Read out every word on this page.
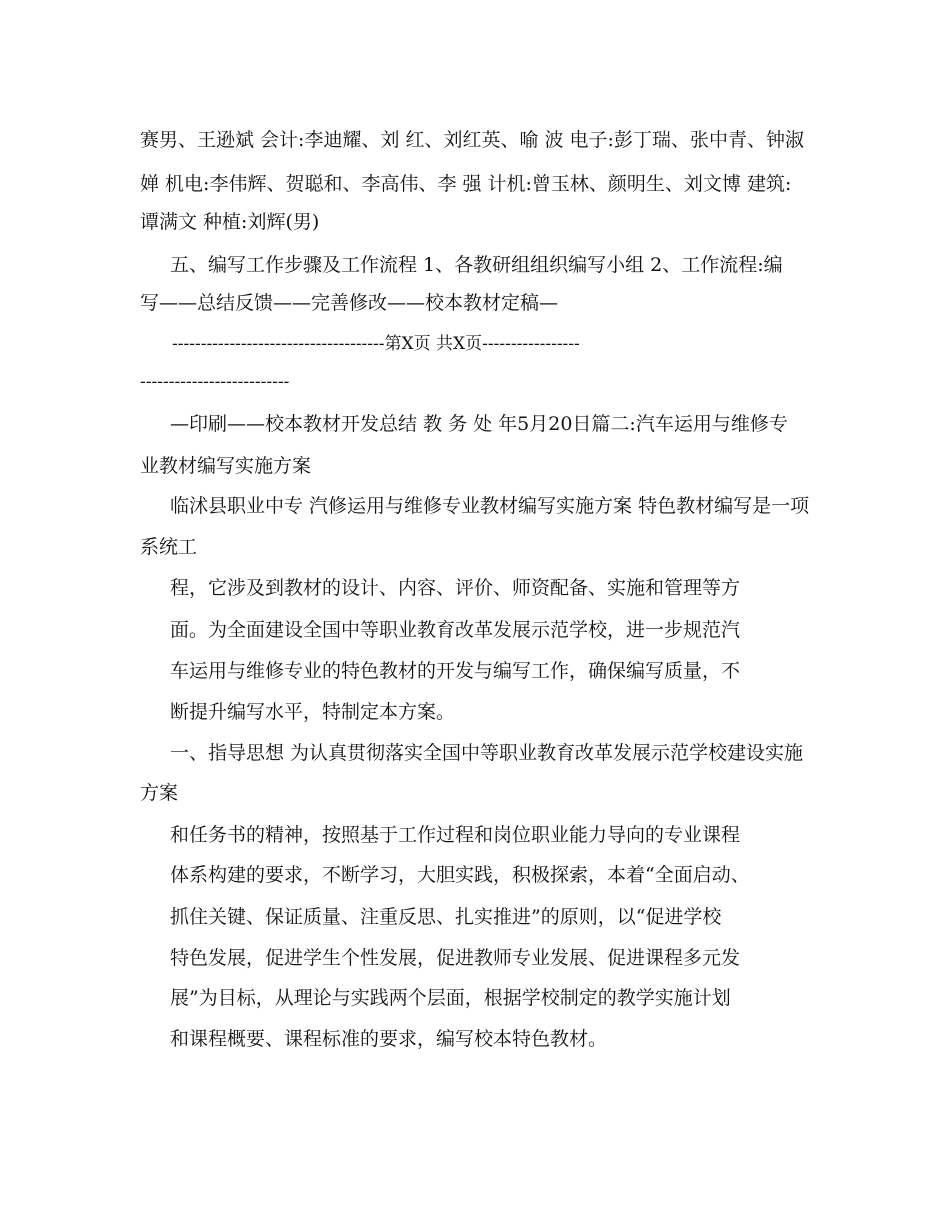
赛男、王逊斌 会计:李迪耀、刘 红、刘红英、喻 波 电子:彭丁瑞、张中青、钟淑
婵 机电:李伟辉、贺聪和、李高伟、李 强 计机:曾玉林、颜明生、刘文博 建筑:
谭满文 种植:刘辉(男)
五、编写工作步骤及工作流程 1、各教研组组织编写小组 2、工作流程:编
写——总结反馈——完善修改——校本教材定稿—
-------------------------------------第X页 共X页-----------------
--------------------------
—印刷——校本教材开发总结 教 务 处 年5月20日篇二:汽车运用与维修专
业教材编写实施方案
临沭县职业中专 汽修运用与维修专业教材编写实施方案 特色教材编写是一项
系统工
程，它涉及到教材的设计、内容、评价、师资配备、实施和管理等方
面。为全面建设全国中等职业教育改革发展示范学校，进一步规范汽
车运用与维修专业的特色教材的开发与编写工作，确保编写质量，不
断提升编写水平，特制定本方案。
一、指导思想 为认真贯彻落实全国中等职业教育改革发展示范学校建设实施
方案
和任务书的精神，按照基于工作过程和岗位职业能力导向的专业课程
体系构建的要求，不断学习，大胆实践，积极探索，本着“全面启动、
抓住关键、保证质量、注重反思、扎实推进”的原则，以“促进学校
特色发展，促进学生个性发展，促进教师专业发展、促进课程多元发
展”为目标，从理论与实践两个层面，根据学校制定的教学实施计划
和课程概要、课程标准的要求，编写校本特色教材。
